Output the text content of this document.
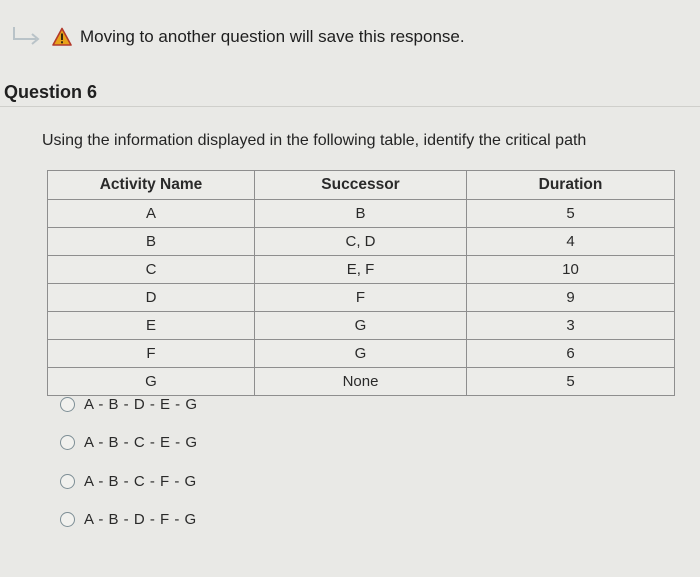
Moving to another question will save this response.
Question 6
Using the information displayed in the following table, identify the critical path
Activity Name	Successor	Duration
A	B	5
B	C, D	4
C	E, F	10
D	F	9
E	G	3
F	G	6
G	None	5
A - B - D - E - G
A - B - C - E - G
A - B - C - F - G
A - B - D - F - G
